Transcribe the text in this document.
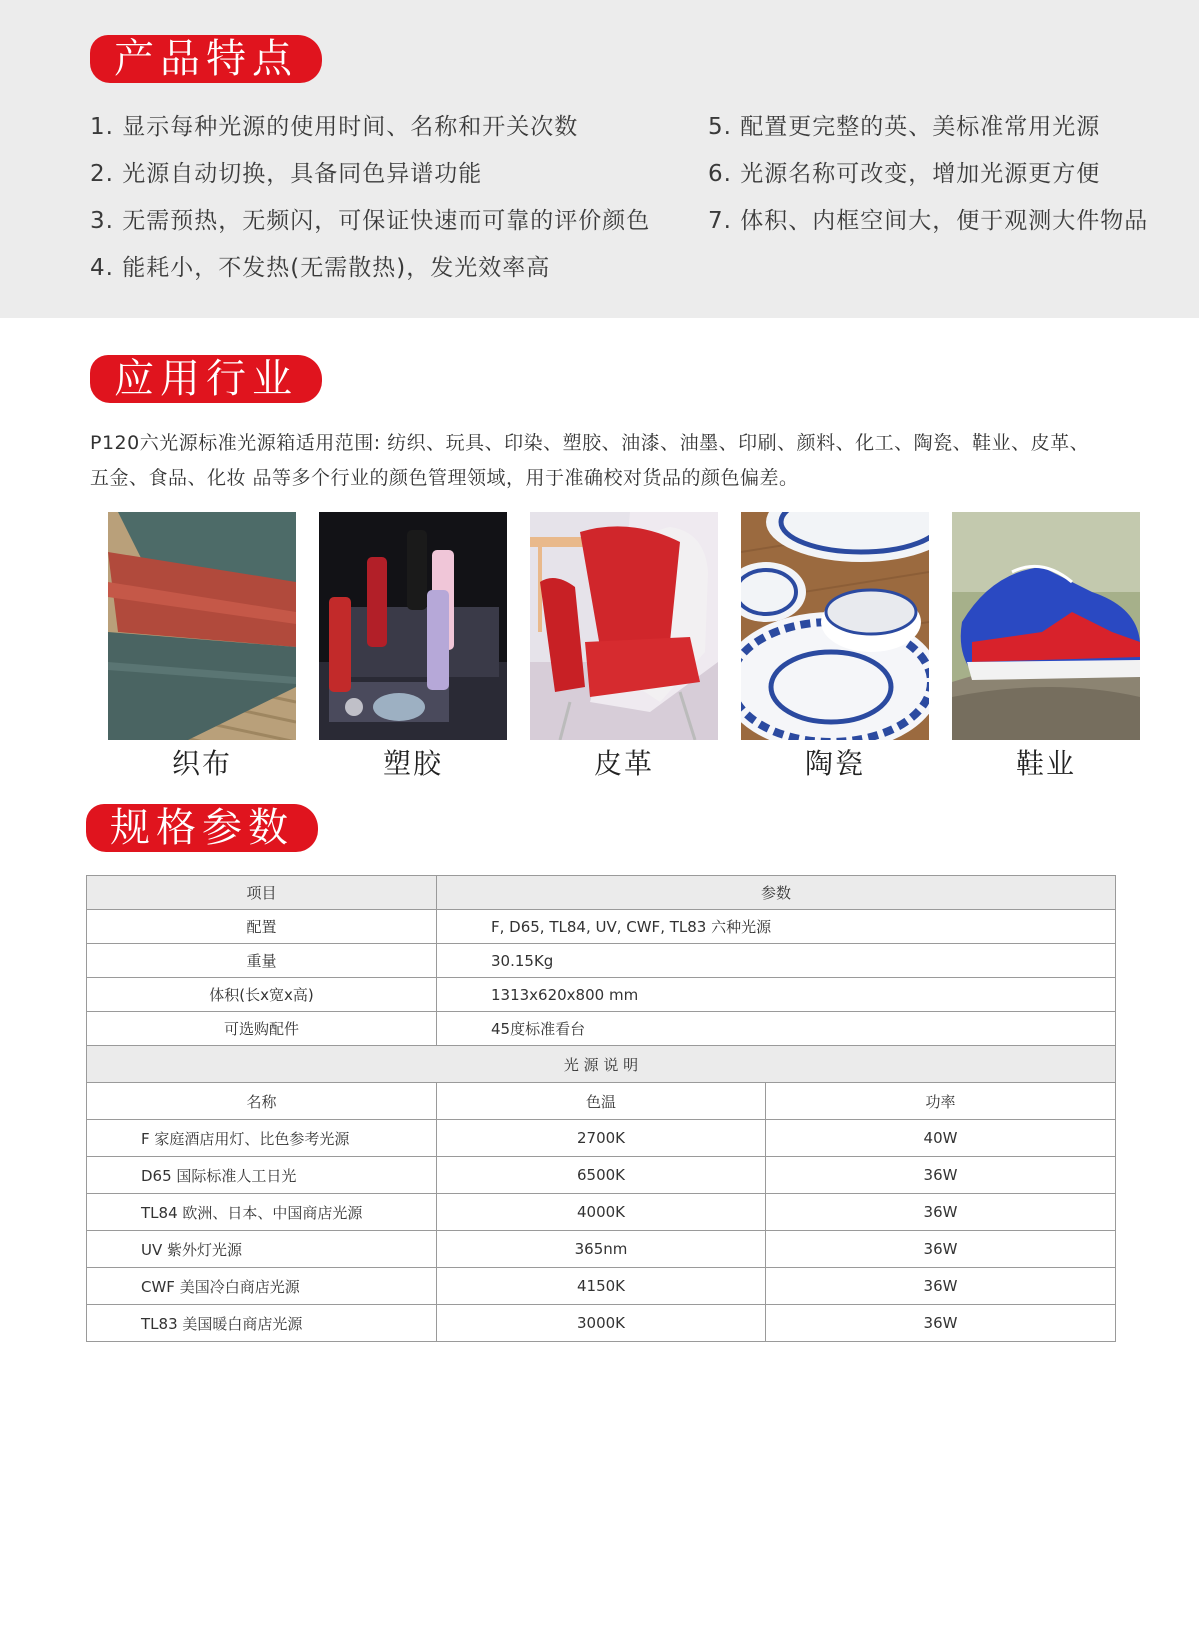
产品特点
1. 显示每种光源的使用时间、名称和开关次数
2. 光源自动切换，具备同色异谱功能
3. 无需预热，无频闪，可保证快速而可靠的评价颜色
4. 能耗小，不发热(无需散热)，发光效率高
5. 配置更完整的英、美标准常用光源
6. 光源名称可改变，增加光源更方便
7. 体积、内框空间大，便于观测大件物品
应用行业
P120六光源标准光源箱适用范围: 纺织、玩具、印染、塑胶、油漆、油墨、印刷、颜料、化工、陶瓷、鞋业、皮革、
五金、食品、化妆 品等多个行业的颜色管理领域，用于准确校对货品的颜色偏差。
织布	塑胶	皮革	陶瓷	鞋业
规格参数
项目	参数	
配置	F, D65, TL84, UV, CWF, TL83 六种光源	
重量	30.15Kg	
体积(长x宽x高)	1313x620x800 mm	
可选购配件	45度标准看台	
光 源 说 明		
名称	色温	功率
F 家庭酒店用灯、比色参考光源	2700K	40W
D65 国际标准人工日光	6500K	36W
TL84 欧洲、日本、中国商店光源	4000K	36W
UV 紫外灯光源	365nm	36W
CWF 美国冷白商店光源	4150K	36W
TL83 美国暖白商店光源	3000K	36W
